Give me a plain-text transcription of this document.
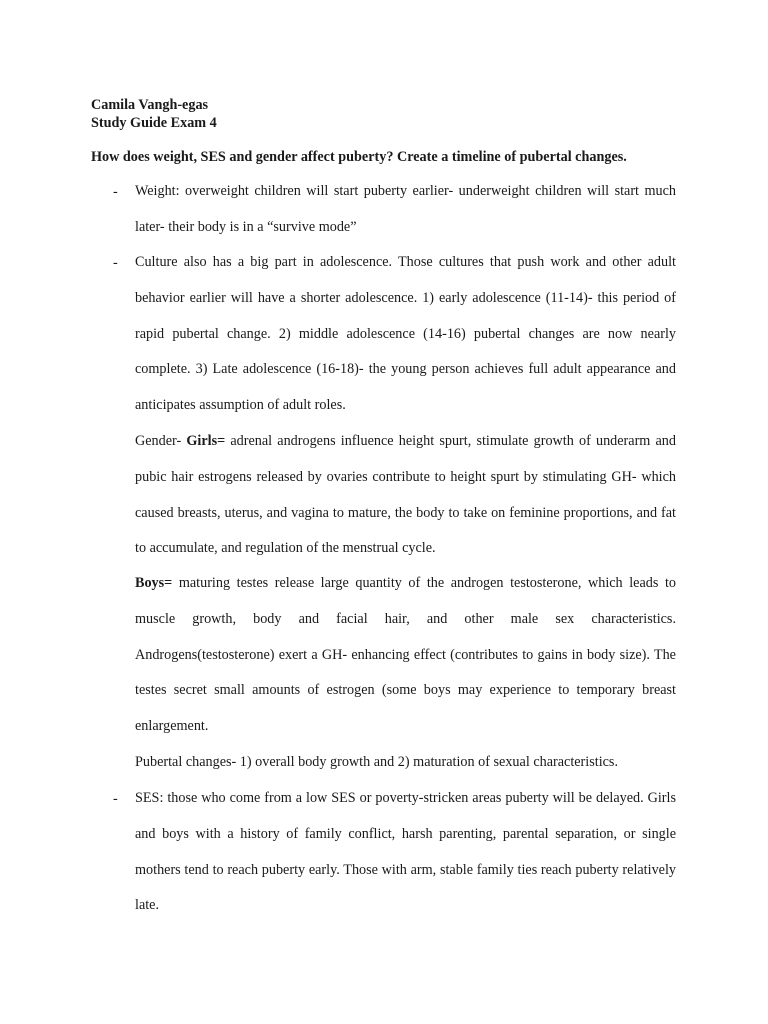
Camila Vangh-egas
Study Guide Exam 4
How does weight, SES and gender affect puberty? Create a timeline of pubertal changes.
- Weight: overweight children will start puberty earlier- underweight children will start much later- their body is in a “survive mode”

- Culture also has a big part in adolescence. Those cultures that push work and other adult behavior earlier will have a shorter adolescence. 1) early adolescence (11-14)- this period of rapid pubertal change. 2) middle adolescence (14-16) pubertal changes are now nearly complete. 3) Late adolescence (16-18)- the young person achieves full adult appearance and anticipates assumption of adult roles.

Gender- Girls= adrenal androgens influence height spurt, stimulate growth of underarm and pubic hair estrogens released by ovaries contribute to height spurt by stimulating GH- which caused breasts, uterus, and vagina to mature, the body to take on feminine proportions, and fat to accumulate, and regulation of the menstrual cycle.

Boys= maturing testes release large quantity of the androgen testosterone, which leads to muscle growth, body and facial hair, and other male sex characteristics. Androgens(testosterone) exert a GH- enhancing effect (contributes to gains in body size). The testes secret small amounts of estrogen (some boys may experience to temporary breast enlargement.

Pubertal changes- 1) overall body growth and 2) maturation of sexual characteristics.

- SES: those who come from a low SES or poverty-stricken areas puberty will be delayed. Girls and boys with a history of family conflict, harsh parenting, parental separation, or single mothers tend to reach puberty early. Those with arm, stable family ties reach puberty relatively late.
